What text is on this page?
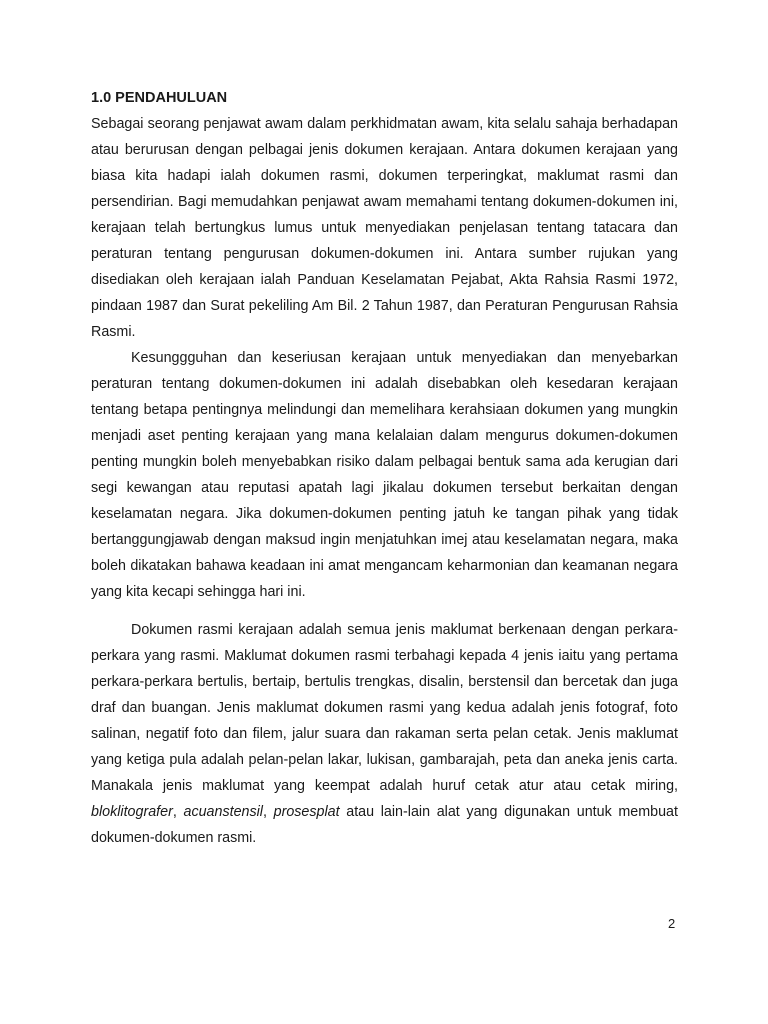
1.0 PENDAHULUAN

Sebagai seorang penjawat awam dalam perkhidmatan awam, kita selalu sahaja berhadapan atau berurusan dengan pelbagai jenis dokumen kerajaan. Antara dokumen kerajaan yang biasa kita hadapi ialah dokumen rasmi, dokumen terperingkat, maklumat rasmi dan persendirian. Bagi memudahkan penjawat awam memahami tentang dokumen-dokumen ini, kerajaan telah bertungkus lumus untuk menyediakan penjelasan tentang tatacara dan peraturan tentang pengurusan dokumen-dokumen ini. Antara sumber rujukan yang disediakan oleh kerajaan ialah Panduan Keselamatan Pejabat, Akta Rahsia Rasmi 1972, pindaan 1987 dan Surat pekeliling Am Bil. 2 Tahun 1987, dan Peraturan Pengurusan Rahsia Rasmi.

Kesunggguhan dan keseriusan kerajaan untuk menyediakan dan menyebarkan peraturan tentang dokumen-dokumen ini adalah disebabkan oleh kesedaran kerajaan tentang betapa pentingnya melindungi dan memelihara kerahsiaan dokumen yang mungkin menjadi aset penting kerajaan yang mana kelalaian dalam mengurus dokumen-dokumen penting mungkin boleh menyebabkan risiko dalam pelbagai bentuk sama ada kerugian dari segi kewangan atau reputasi apatah lagi jikalau dokumen tersebut berkaitan dengan keselamatan negara. Jika dokumen-dokumen penting jatuh ke tangan pihak yang tidak bertanggungjawab dengan maksud ingin menjatuhkan imej atau keselamatan negara, maka boleh dikatakan bahawa keadaan ini amat mengancam keharmonian dan keamanan negara yang kita kecapi sehingga hari ini.

Dokumen rasmi kerajaan adalah semua jenis maklumat berkenaan dengan perkara-perkara yang rasmi. Maklumat dokumen rasmi terbahagi kepada 4 jenis iaitu yang pertama perkara-perkara bertulis, bertaip, bertulis trengkas, disalin, berstensil dan bercetak dan juga draf dan buangan. Jenis maklumat dokumen rasmi yang kedua adalah jenis fotograf, foto salinan, negatif foto dan filem, jalur suara dan rakaman serta pelan cetak. Jenis maklumat yang ketiga pula adalah pelan-pelan lakar, lukisan, gambarajah, peta dan aneka jenis carta. Manakala jenis maklumat yang keempat adalah huruf cetak atur atau cetak miring, bloklitografer, acuanstensil, prosesplat atau lain-lain alat yang digunakan untuk membuat dokumen-dokumen rasmi.

2
